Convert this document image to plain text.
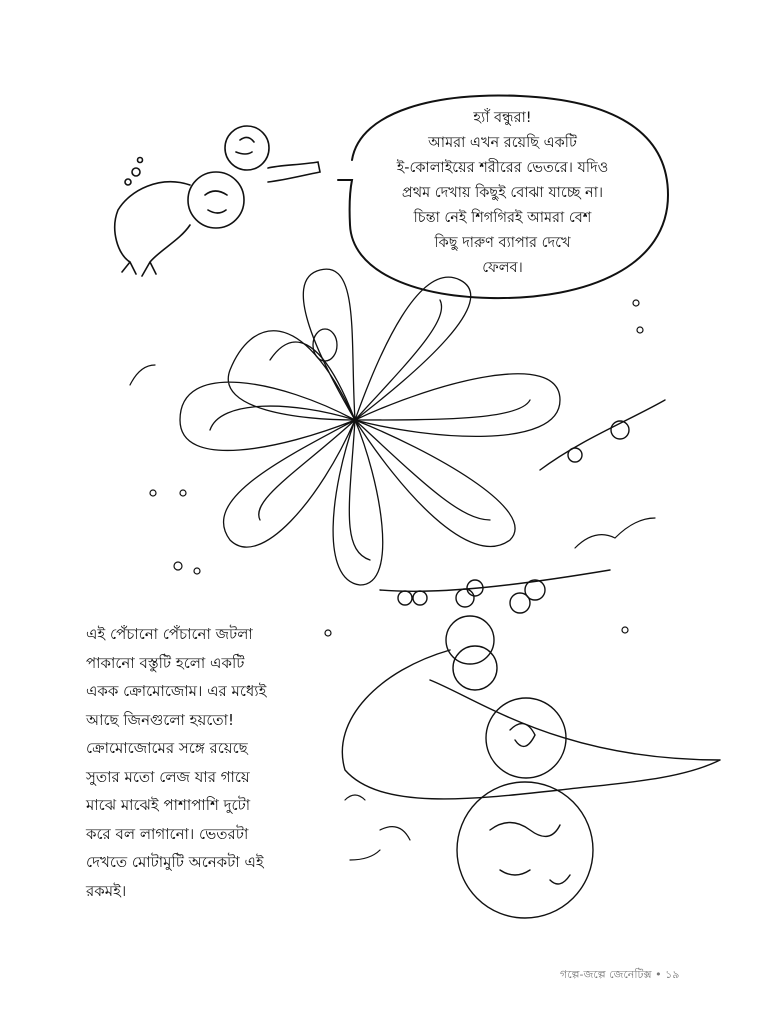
হ্যাঁ বন্ধুরা!
আমরা এখন রয়েছি একটি
ই-কোলাইয়ের শরীরের ভেতরে। যদিও
প্রথম দেখায় কিছুই বোঝা যাচ্ছে না।
চিন্তা নেই শিগগিরই আমরা বেশ
কিছু দারুণ ব্যাপার দেখে
ফেলব।
এই পেঁচানো পেঁচানো জটলা
পাকানো বস্তুটি হলো একটি
একক ক্রোমোজোম। এর মধ্যেই
আছে জিনগুলো হয়তো!
ক্রোমোজোমের সঙ্গে রয়েছে
সুতার মতো লেজ যার গায়ে
মাঝে মাঝেই পাশাপাশি দুটো
করে বল লাগানো। ভেতরটা
দেখতে মোটামুটি অনেকটা এই
রকমই।
গল্পে-জল্পে জেনেটিক্স • ১৯
